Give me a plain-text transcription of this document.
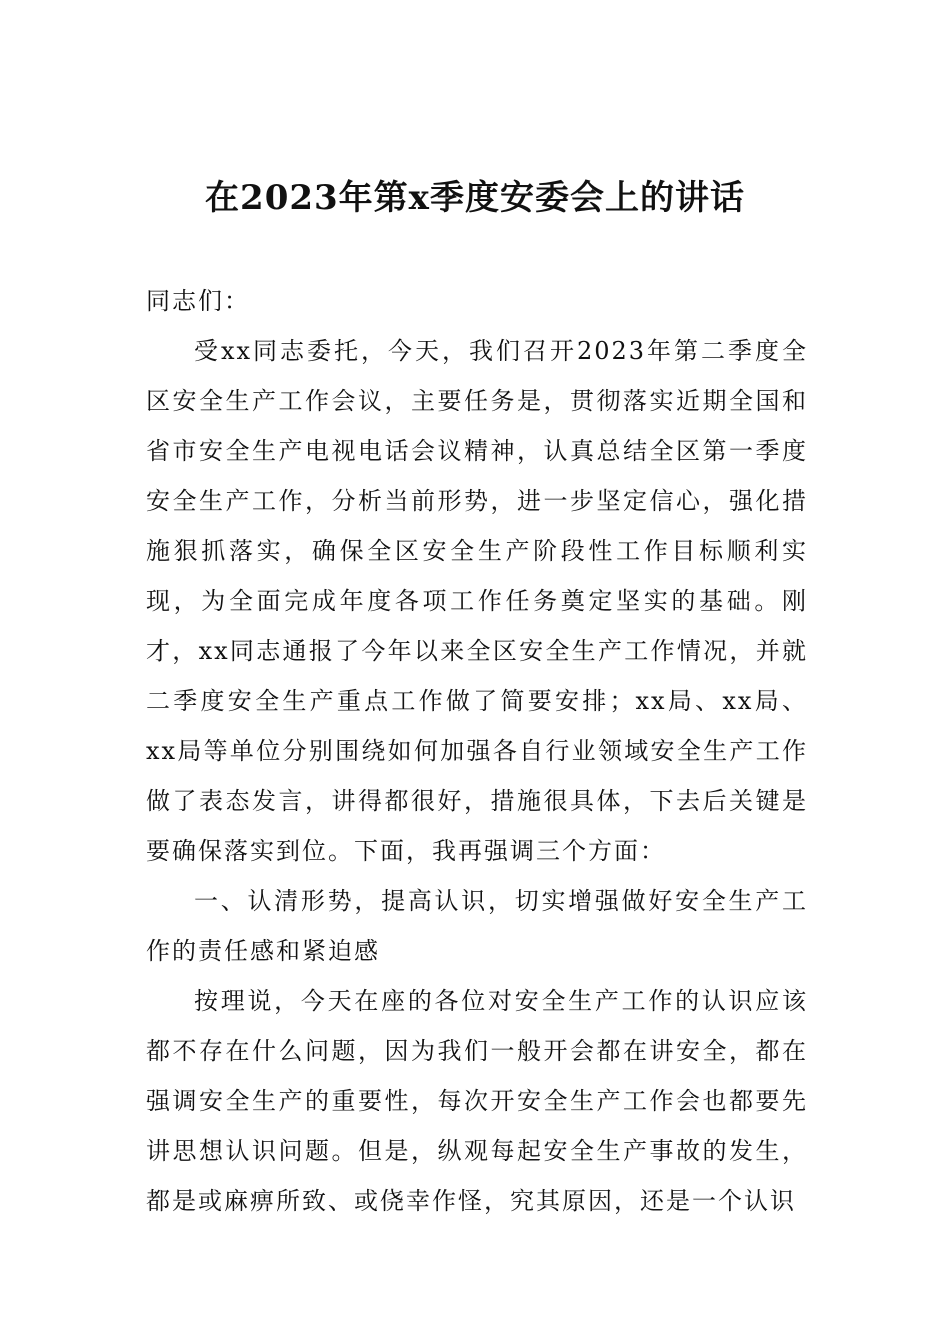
在2023年第x季度安委会上的讲话

同志们：

受xx同志委托，今天，我们召开2023年第二季度全区安全生产工作会议，主要任务是，贯彻落实近期全国和省市安全生产电视电话会议精神，认真总结全区第一季度安全生产工作，分析当前形势，进一步坚定信心，强化措施狠抓落实，确保全区安全生产阶段性工作目标顺利实现，为全面完成年度各项工作任务奠定坚实的基础。刚才，xx同志通报了今年以来全区安全生产工作情况，并就二季度安全生产重点工作做了简要安排；xx局、xx局、xx局等单位分别围绕如何加强各自行业领域安全生产工作做了表态发言，讲得都很好，措施很具体，下去后关键是要确保落实到位。下面，我再强调三个方面：

一、认清形势，提高认识，切实增强做好安全生产工作的责任感和紧迫感

按理说，今天在座的各位对安全生产工作的认识应该都不存在什么问题，因为我们一般开会都在讲安全，都在强调安全生产的重要性，每次开安全生产工作会也都要先讲思想认识问题。但是，纵观每起安全生产事故的发生，都是或麻痹所致、或侥幸作怪，究其原因，还是一个认识
